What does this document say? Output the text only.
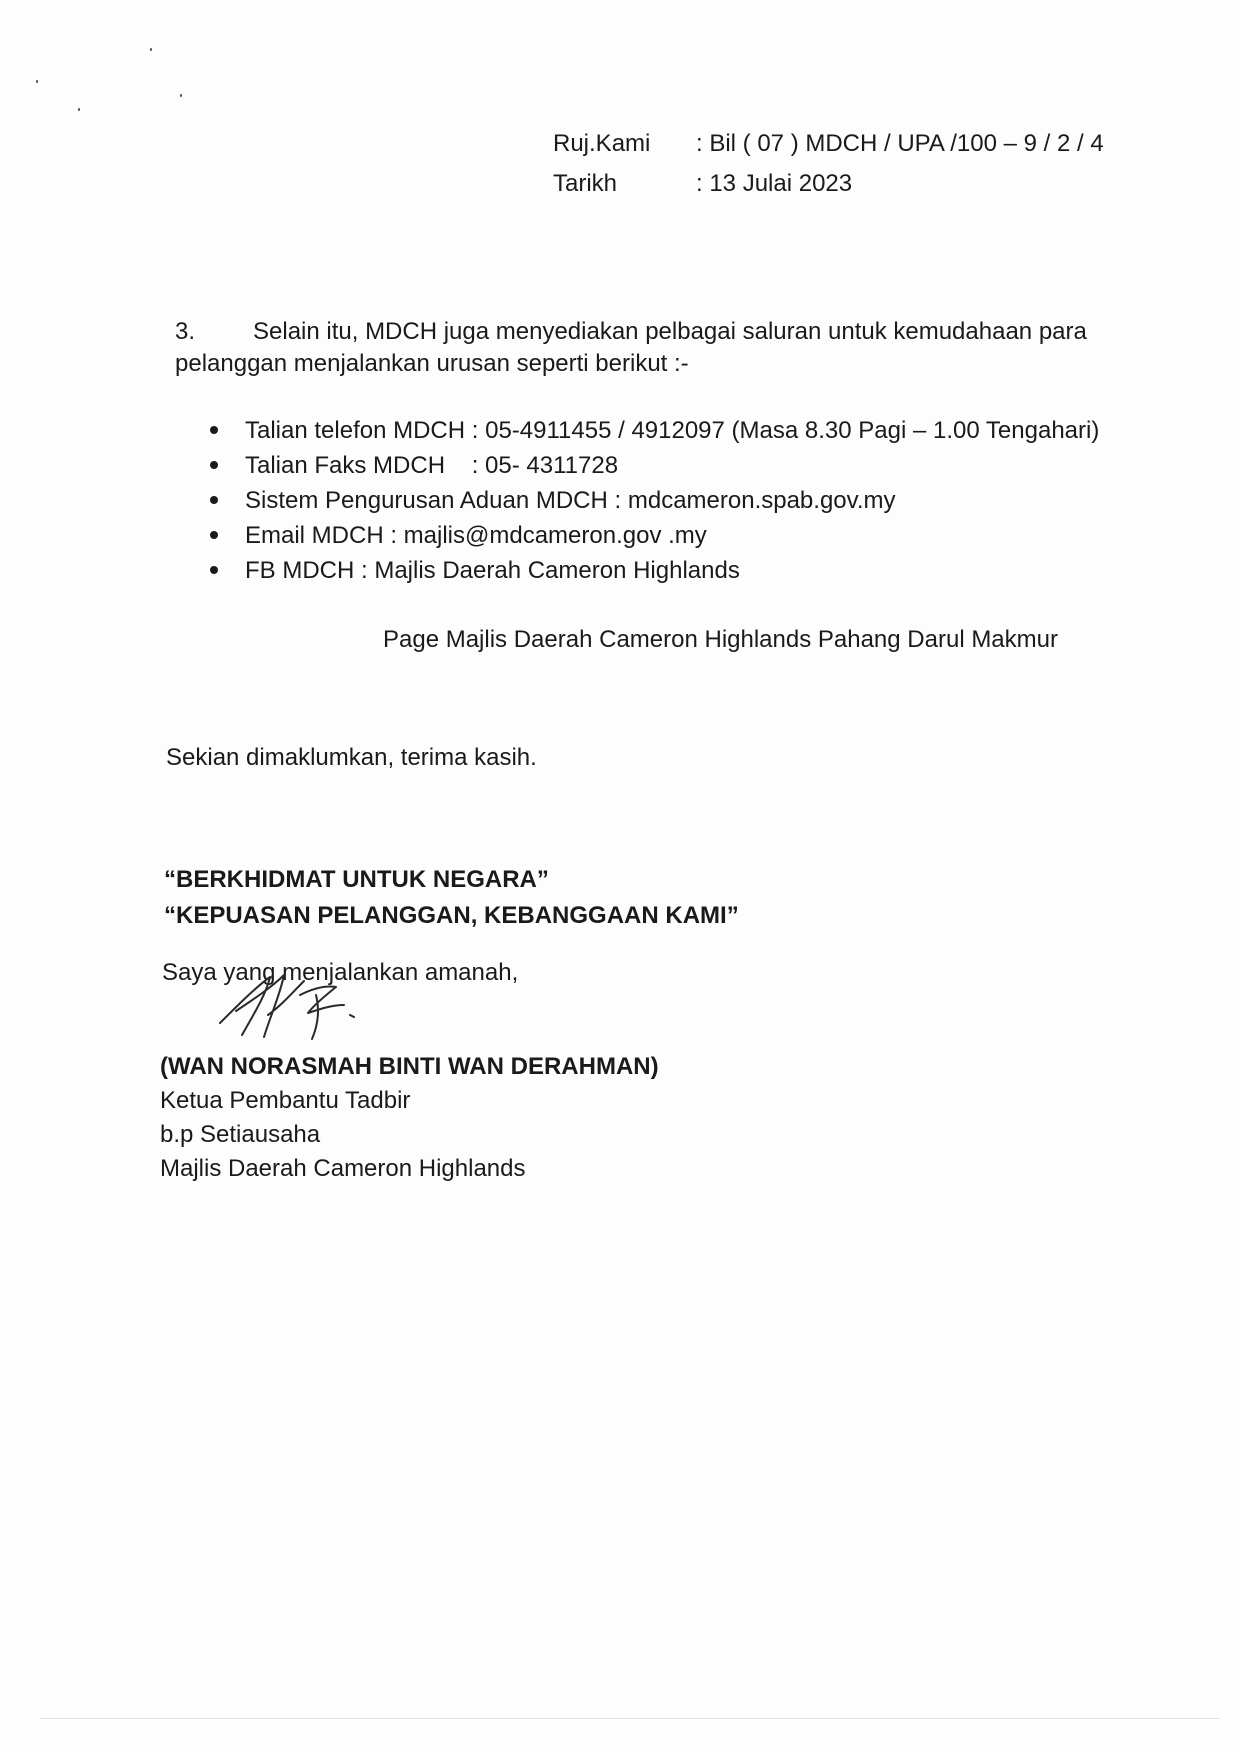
Ruj.Kami	: Bil ( 07 ) MDCH / UPA /100 – 9 / 2 / 4
Tarikh	: 13 Julai 2023
3. Selain itu, MDCH juga menyediakan pelbagai saluran untuk kemudahaan para pelanggan menjalankan urusan seperti berikut :-
Talian telefon MDCH : 05-4911455 / 4912097 (Masa 8.30 Pagi – 1.00 Tengahari)
Talian Faks MDCH    : 05- 4311728
Sistem Pengurusan Aduan MDCH : mdcameron.spab.gov.my
Email MDCH : majlis@mdcameron.gov .my
FB MDCH : Majlis Daerah Cameron Highlands
Page Majlis Daerah Cameron Highlands Pahang Darul Makmur
Sekian dimaklumkan, terima kasih.
“BERKHIDMAT UNTUK NEGARA”
“KEPUASAN PELANGGAN, KEBANGGAAN KAMI”
Saya yang menjalankan amanah,
(WAN NORASMAH BINTI WAN DERAHMAN)
Ketua Pembantu Tadbir
b.p Setiausaha
Majlis Daerah Cameron Highlands
